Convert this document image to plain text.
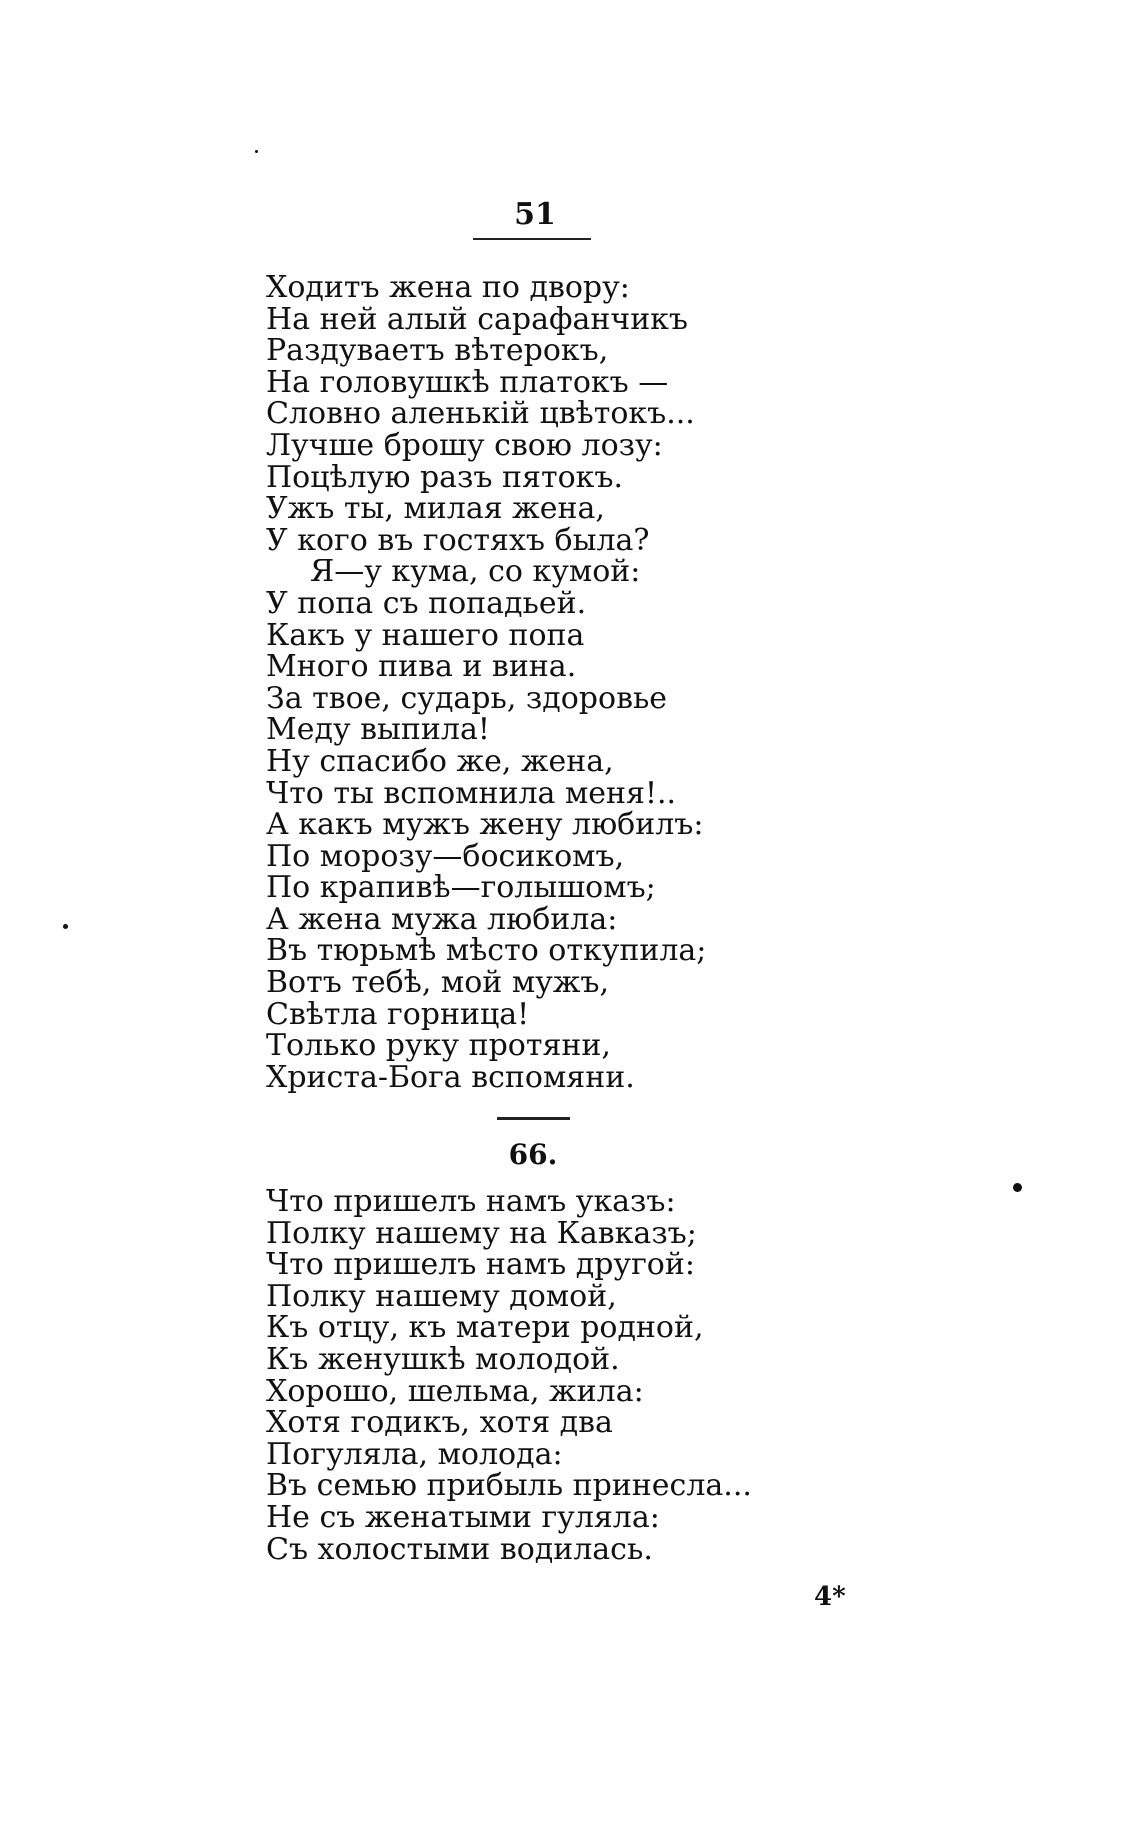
51
Ходитъ жена по двору:
На ней алый сарафанчикъ
Раздуваетъ вѣтерокъ,
На головушкѣ платокъ —
Словно аленькій цвѣтокъ...
Лучше брошу свою лозу:
Поцѣлую разъ пятокъ.
Ужъ ты, милая жена,
У кого въ гостяхъ была?
Я—у кума, со кумой:
У попа съ попадьей.
Какъ у нашего попа
Много пива и вина.
За твое, сударь, здоровье
Меду выпила!
Ну спасибо же, жена,
Что ты вспомнила меня!..
А какъ мужъ жену любилъ:
По морозу—босикомъ,
По крапивѣ—голышомъ;
А жена мужа любила:
Въ тюрьмѣ мѣсто откупила;
Вотъ тебѣ, мой мужъ,
Свѣтла горница!
Только руку протяни,
Христа-Бога вспомяни.
66.
Что пришелъ намъ указъ:
Полку нашему на Кавказъ;
Что пришелъ намъ другой:
Полку нашему домой,
Къ отцу, къ матери родной,
Къ женушкѣ молодой.
Хорошо, шельма, жила:
Хотя годикъ, хотя два
Погуляла, молода:
Въ семью прибыль принесла...
Не съ женатыми гуляла:
Съ холостыми водилась.
4*
